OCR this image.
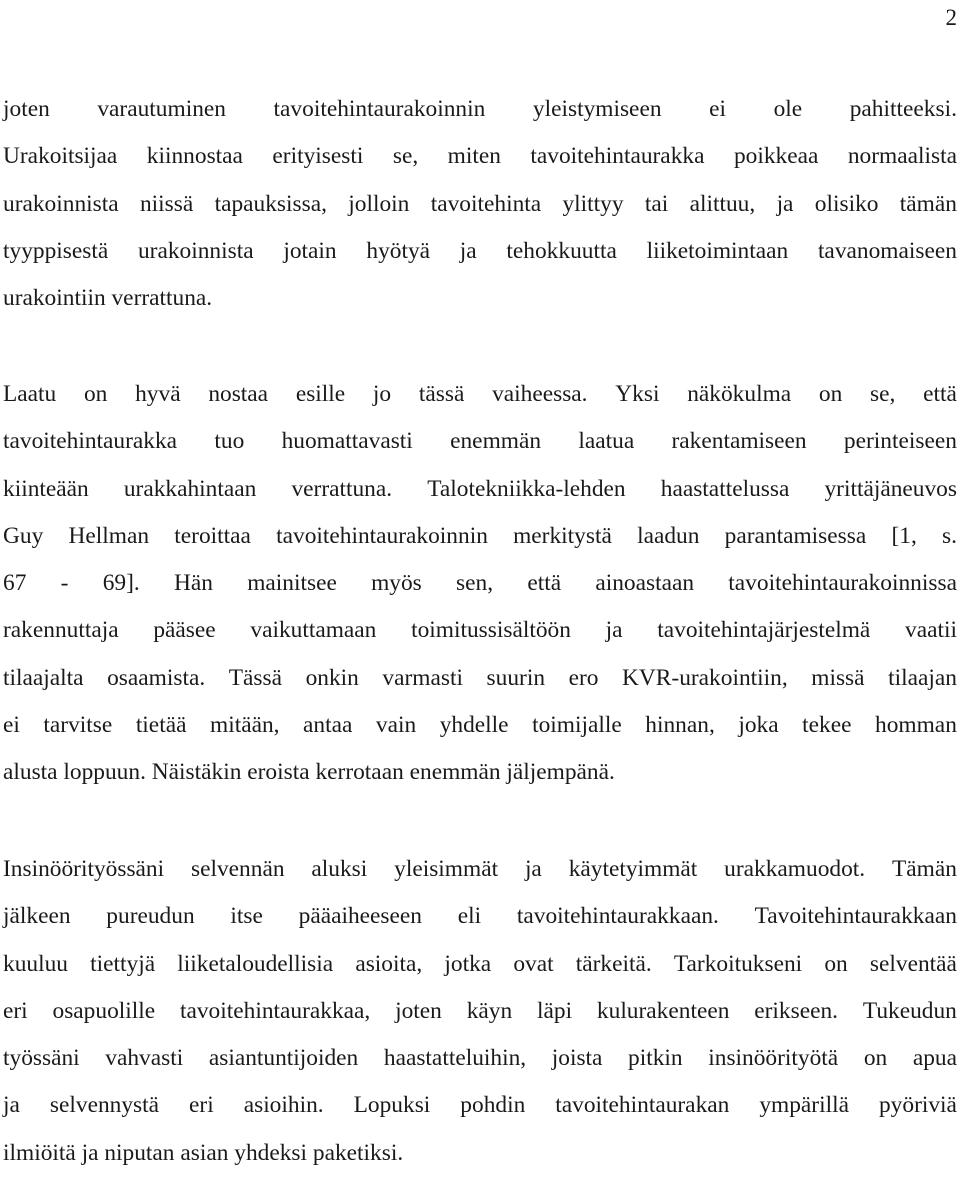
2
joten varautuminen tavoitehintaurakoinnin yleistymiseen ei ole pahitteeksi.
Urakoitsijaa kiinnostaa erityisesti se, miten tavoitehintaurakka poikkeaa normaalista
urakoinnista niissä tapauksissa, jolloin tavoitehinta ylittyy tai alittuu, ja olisiko tämän
tyyppisestä urakoinnista jotain hyötyä ja tehokkuutta liiketoimintaan tavanomaiseen
urakointiin verrattuna.
Laatu on hyvä nostaa esille jo tässä vaiheessa. Yksi näkökulma on se, että
tavoitehintaurakka tuo huomattavasti enemmän laatua rakentamiseen perinteiseen
kiinteään urakkahintaan verrattuna. Talotekniikka-lehden haastattelussa yrittäjäneuvos
Guy Hellman teroittaa tavoitehintaurakoinnin merkitystä laadun parantamisessa [1, s.
67 - 69]. Hän mainitsee myös sen, että ainoastaan tavoitehintaurakoinnissa
rakennuttaja pääsee vaikuttamaan toimitussisältöön ja tavoitehintajärjestelmä vaatii
tilaajalta osaamista. Tässä onkin varmasti suurin ero KVR-urakointiin, missä tilaajan
ei tarvitse tietää mitään, antaa vain yhdelle toimijalle hinnan, joka tekee homman
alusta loppuun. Näistäkin eroista kerrotaan enemmän jäljempänä.
Insinöörityössäni selvennän aluksi yleisimmät ja käytetyimmät urakkamuodot. Tämän
jälkeen pureudun itse pääaiheeseen eli tavoitehintaurakkaan. Tavoitehintaurakkaan
kuuluu tiettyjä liiketaloudellisia asioita, jotka ovat tärkeitä. Tarkoitukseni on selventää
eri osapuolille tavoitehintaurakkaa, joten käyn läpi kulurakenteen erikseen. Tukeudun
työssäni vahvasti asiantuntijoiden haastatteluihin, joista pitkin insinöörityötä on apua
ja selvennystä eri asioihin. Lopuksi pohdin tavoitehintaurakan ympärillä pyöriviä
ilmiöitä ja niputan asian yhdeksi paketiksi.
